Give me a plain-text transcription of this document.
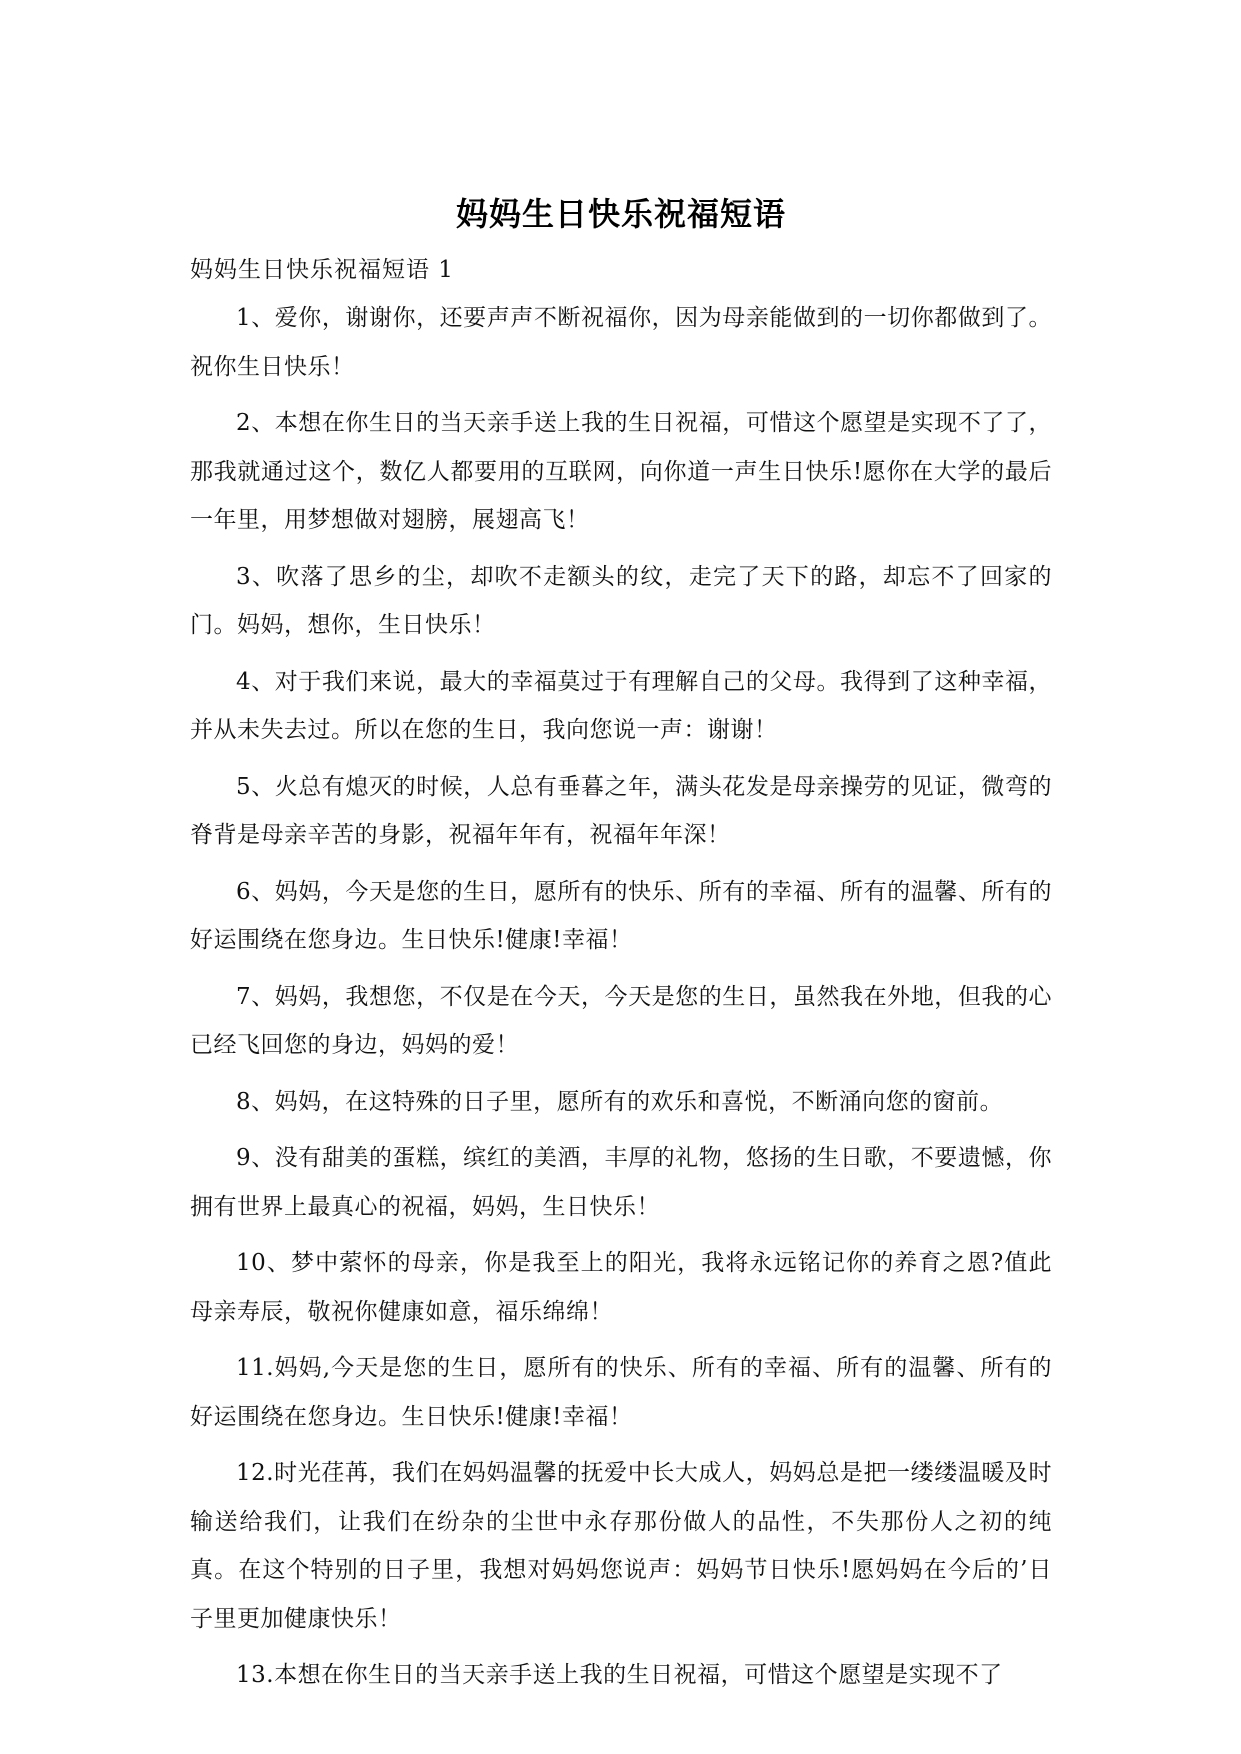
妈妈生日快乐祝福短语
妈妈生日快乐祝福短语 1

1、爱你，谢谢你，还要声声不断祝福你，因为母亲能做到的一切你都做到了。祝你生日快乐！

2、本想在你生日的当天亲手送上我的生日祝福，可惜这个愿望是实现不了了，那我就通过这个，数亿人都要用的互联网，向你道一声生日快乐!愿你在大学的最后一年里，用梦想做对翅膀，展翅高飞！

3、吹落了思乡的尘，却吹不走额头的纹，走完了天下的路，却忘不了回家的门。妈妈，想你，生日快乐！

4、对于我们来说，最大的幸福莫过于有理解自己的父母。我得到了这种幸福，并从未失去过。所以在您的生日，我向您说一声：谢谢！

5、火总有熄灭的时候，人总有垂暮之年，满头花发是母亲操劳的见证，微弯的脊背是母亲辛苦的身影，祝福年年有，祝福年年深！

6、妈妈，今天是您的生日，愿所有的快乐、所有的幸福、所有的温馨、所有的好运围绕在您身边。生日快乐!健康!幸福！

7、妈妈，我想您，不仅是在今天，今天是您的生日，虽然我在外地，但我的心已经飞回您的身边，妈妈的爱！

8、妈妈，在这特殊的日子里，愿所有的欢乐和喜悦，不断涌向您的窗前。

9、没有甜美的蛋糕，缤红的美酒，丰厚的礼物，悠扬的生日歌，不要遗憾，你拥有世界上最真心的祝福，妈妈，生日快乐！

10、梦中萦怀的母亲，你是我至上的阳光，我将永远铭记你的养育之恩?值此母亲寿辰，敬祝你健康如意，福乐绵绵！

11.妈妈,今天是您的生日，愿所有的快乐、所有的幸福、所有的温馨、所有的好运围绕在您身边。生日快乐!健康!幸福！

12.时光荏苒，我们在妈妈温馨的抚爱中长大成人，妈妈总是把一缕缕温暖及时输送给我们，让我们在纷杂的尘世中永存那份做人的品性，不失那份人之初的纯真。在这个特别的日子里，我想对妈妈您说声：妈妈节日快乐!愿妈妈在今后的’日子里更加健康快乐！

13.本想在你生日的当天亲手送上我的生日祝福，可惜这个愿望是实现不了
